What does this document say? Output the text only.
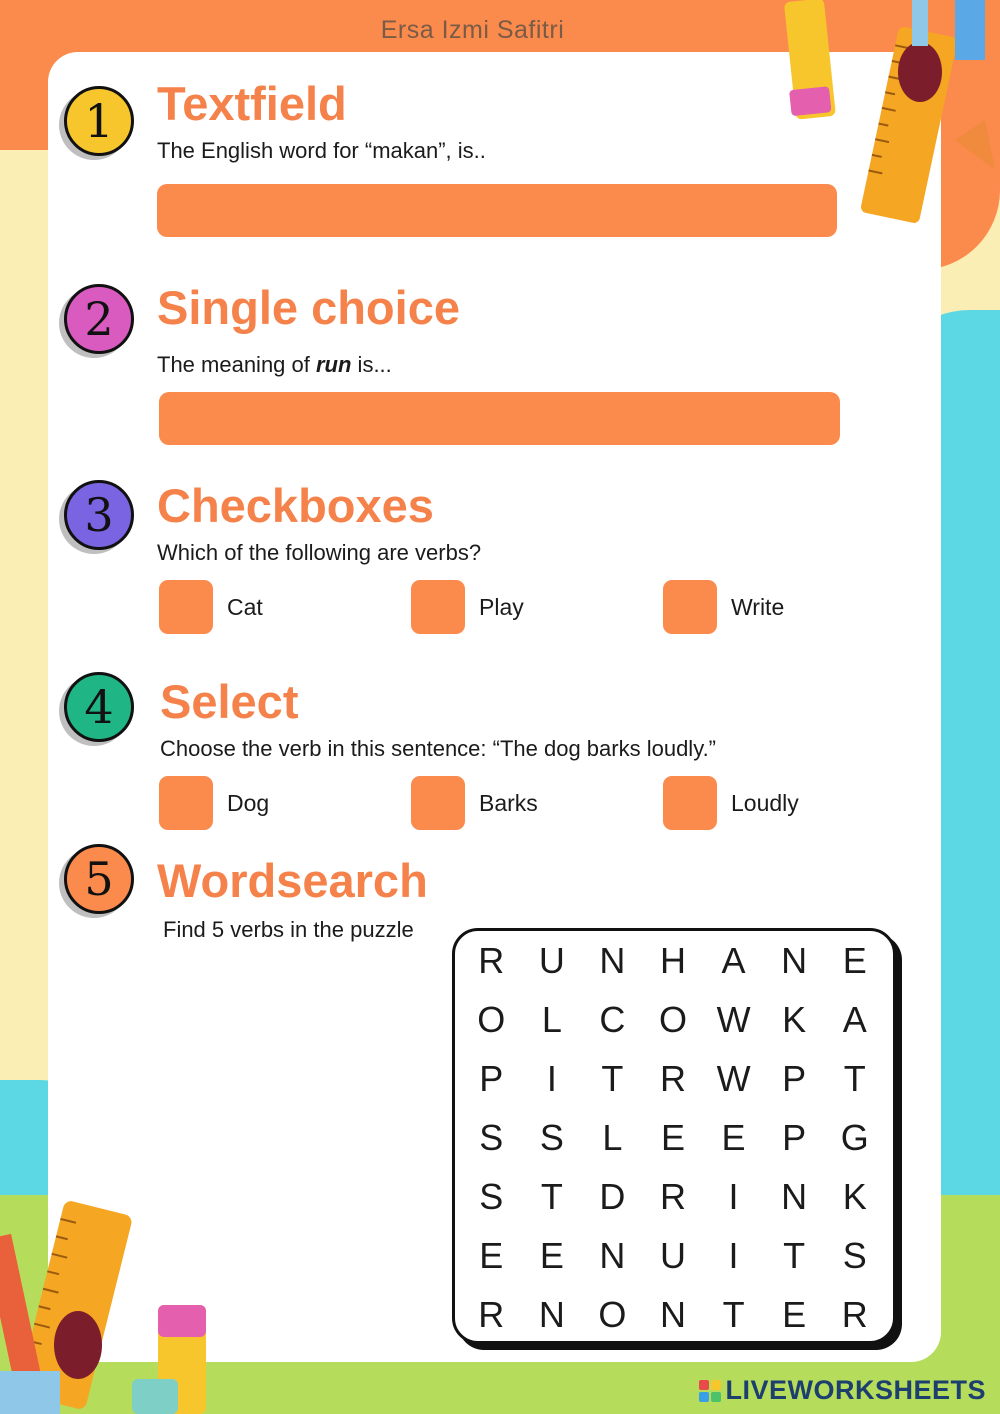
Ersa Izmi Safitri
1 Textfield
The English word for “makan”, is..
2 Single choice
The meaning of run is...
3 Checkboxes
Which of the following are verbs?
Cat	Play	Write
4 Select
Choose the verb in this sentence: “The dog barks loudly.”
Dog	Barks	Loudly
5 Wordsearch
Find 5 verbs in the puzzle
R U N H A N E
O	L	C O W K	A
P	I	T	R W P	T
S	S	L	E	E	P G
S	T	D R	I	N K
E	E N U	I	T	S
R N O N	T	E R
LIVEWORKSHEETS
